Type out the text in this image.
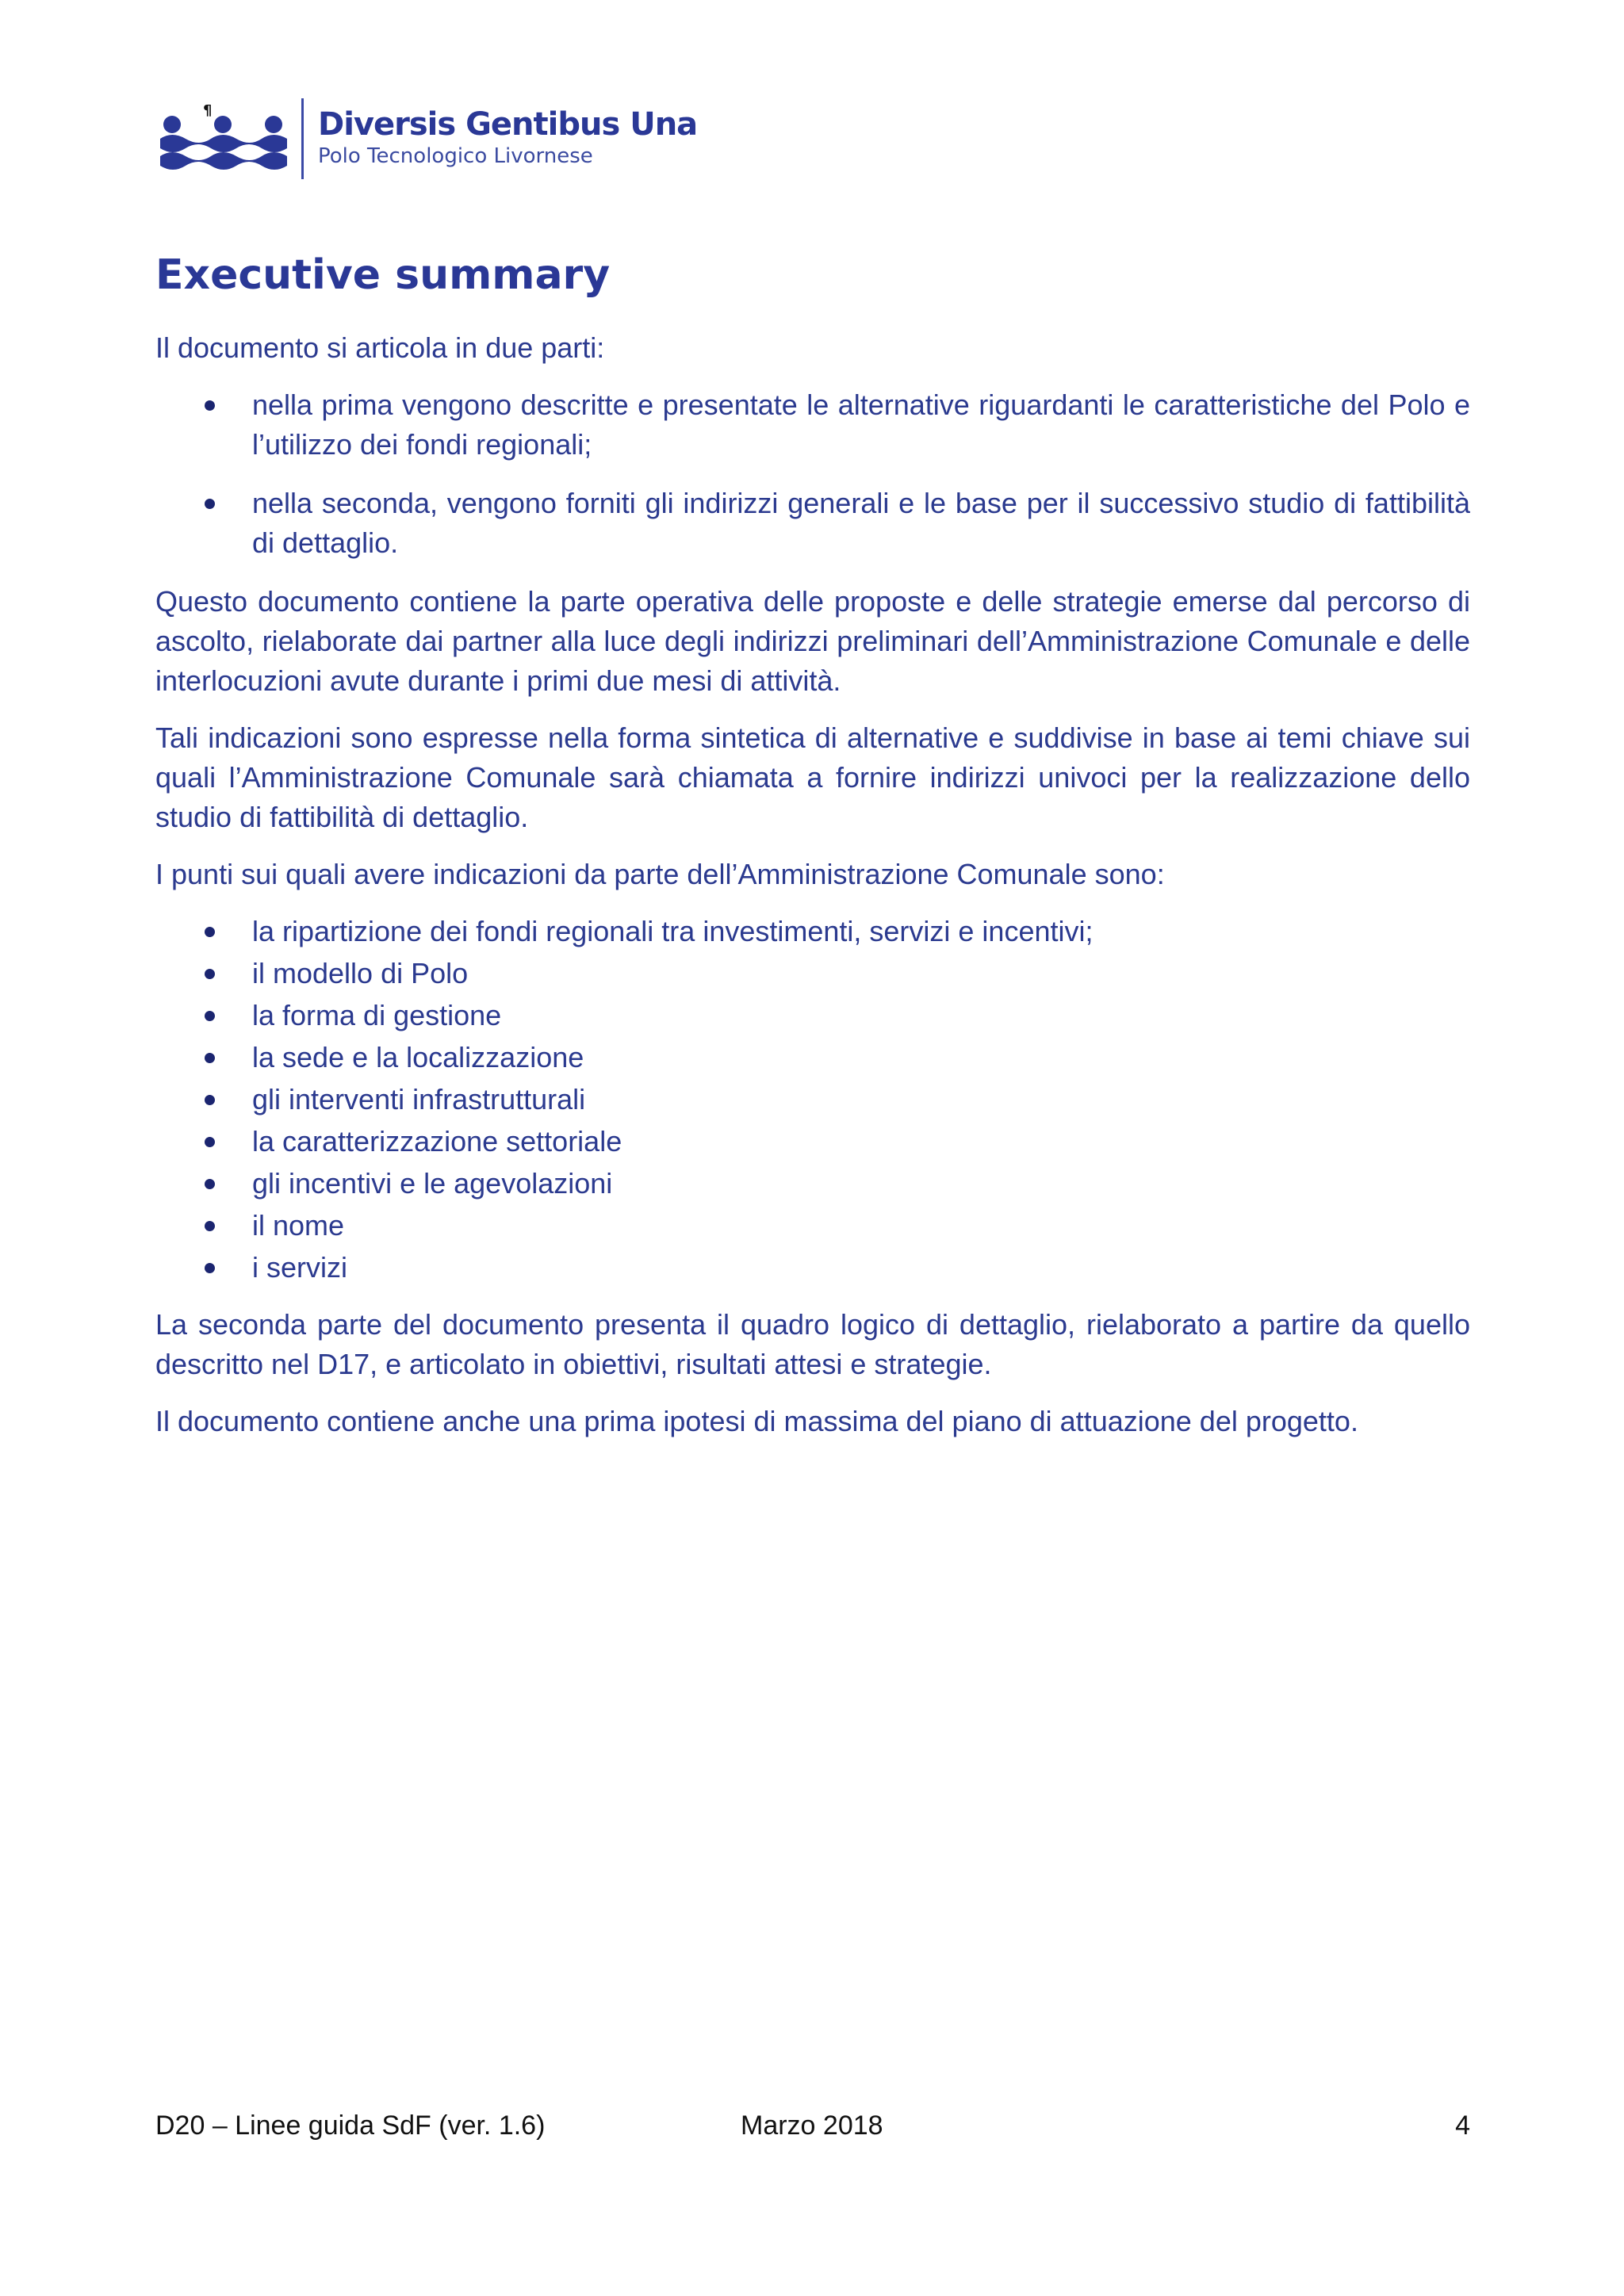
¶	Diversis Gentibus Una
Polo Tecnologico Livornese
Executive summary

Il documento si articola in due parti:

nella prima vengono descritte e presentate le alternative riguardanti le caratteristiche del Polo e l’utilizzo dei fondi regionali;
nella seconda, vengono forniti gli indirizzi generali e le base per il successivo studio di fattibilità di dettaglio.

Questo documento contiene la parte operativa delle proposte e delle strategie emerse dal percorso di ascolto, rielaborate dai partner alla luce degli indirizzi preliminari dell’Amministrazione Comunale e delle interlocuzioni avute durante i primi due mesi di attività.

Tali indicazioni sono espresse nella forma sintetica di alternative e suddivise in base ai temi chiave sui quali l’Amministrazione Comunale sarà chiamata a fornire indirizzi univoci per la realizzazione dello studio di fattibilità di dettaglio.

I punti sui quali avere indicazioni da parte dell’Amministrazione Comunale sono:

la ripartizione dei fondi regionali tra investimenti, servizi e incentivi;
il modello di Polo
la forma di gestione
la sede e la localizzazione
gli interventi infrastrutturali
la caratterizzazione settoriale
gli incentivi e le agevolazioni
il nome
i servizi

La seconda parte del documento presenta il quadro logico di dettaglio, rielaborato a partire da quello descritto nel D17, e articolato in obiettivi, risultati attesi e strategie.

Il documento contiene anche una prima ipotesi di massima del piano di attuazione del progetto.

D20 – Linee guida SdF (ver. 1.6)	Marzo 2018	4
